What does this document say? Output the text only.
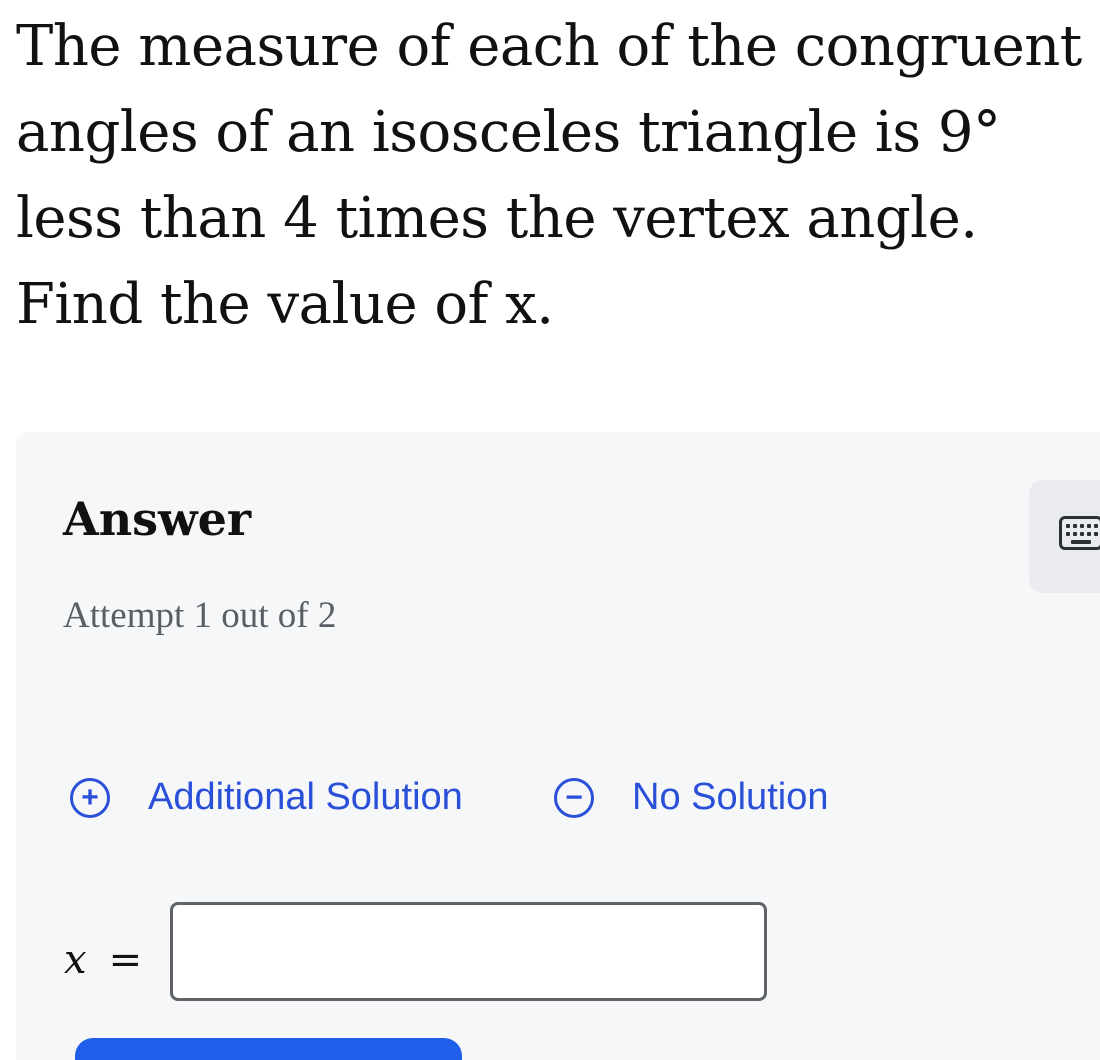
The measure of each of the congruent angles of an isosceles triangle is 9° less than 4 times the vertex angle. Find the value of x.

Answer
Attempt 1 out of 2
+ Additional Solution	− No Solution
x =
